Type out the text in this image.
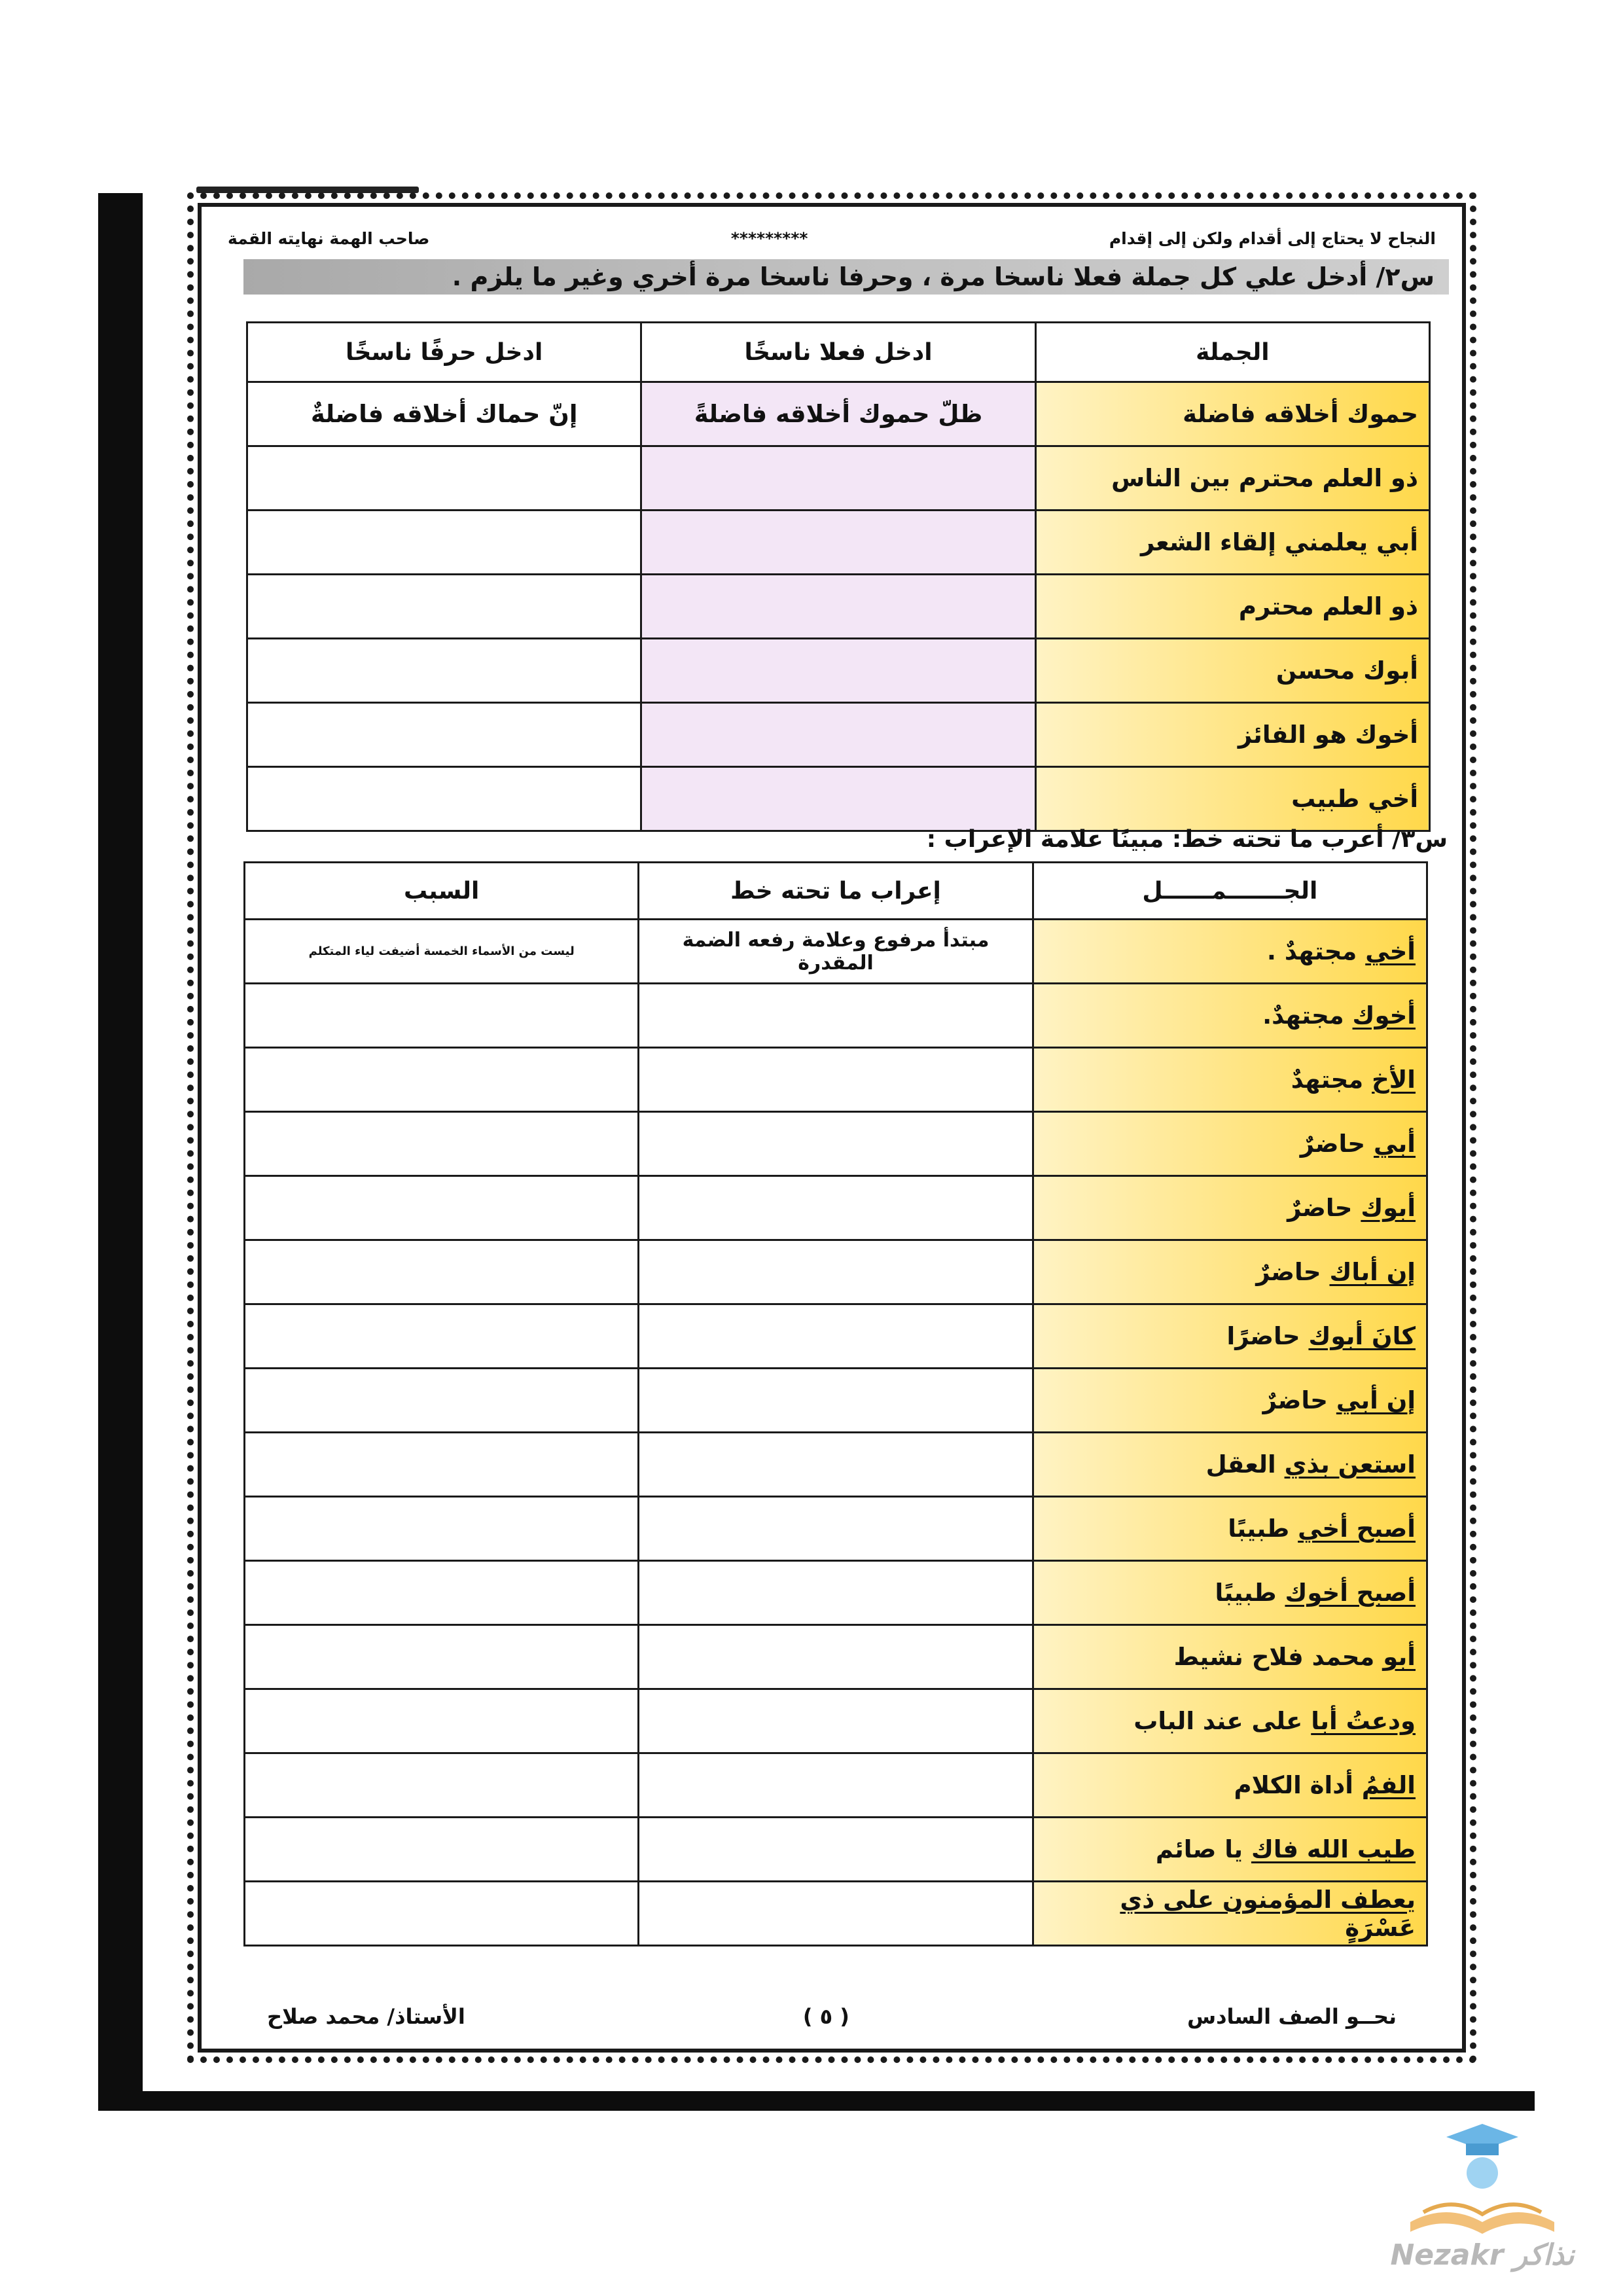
النجاح لا يحتاج إلى أقدام ولكن إلى إقدام
*********
صاحب الهمة نهايته القمة
س٢/ أدخل علي كل جملة فعلا ناسخا مرة ، وحرفا ناسخا مرة أخري وغير ما يلزم .
الجملة	ادخل فعلا ناسخًا	ادخل حرفًا ناسخًا
حموك أخلاقه فاضلة	ظلّ حموك أخلاقه فاضلةً	إنّ حماك أخلاقه فاضلةٌ
ذو العلم محترم بين الناس		
أبي يعلمني إلقاء الشعر		
ذو العلم محترم		
أبوك محسن		
أخوك هو الفائز		
أخي طبيب		
س٣/ أعرب ما تحته خط: مبينًا علامة الإعراب :
الجـــــــمــــــل	إعراب ما تحته خط	السبب
أخي مجتهدٌ .	مبتدأ مرفوع وعلامة رفعه الضمة المقدرة	ليست من الأسماء الخمسة أضيفت لياء المتكلم
أخوك مجتهدٌ.		
الأخ مجتهدٌ		
أبي حاضرٌ		
أبوك حاضرٌ		
إن أباك حاضرٌ		
كانَ أبوك حاضرًا		
إن أبي حاضرٌ		
استعن بذي العقل		
أصبح أخي طبيبًا		
أصبح أخوك طبيبًا		
أبو محمد فلاح نشيط		
ودعتُ أبا على عند الباب		
الفمُ أداة الكلام		
طيب الله فاك يا صائم		
يعطف المؤمنون على ذي عَسْرَةٍ		
نحــو الصف السادس
( ٥ )
الأستاذ/ محمد صلاح
Nezakr نذاكر
